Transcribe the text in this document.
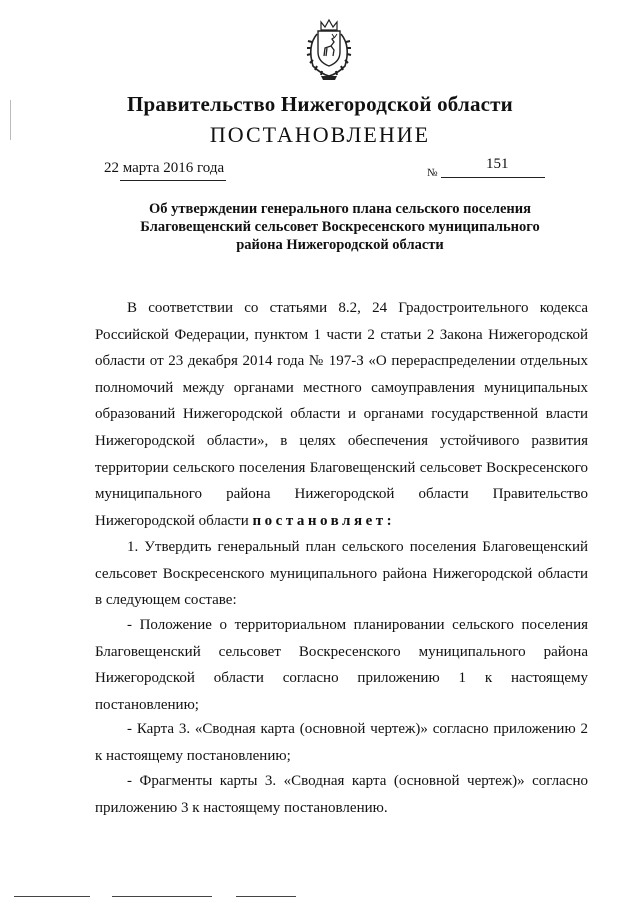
Правительство Нижегородской области
ПОСТАНОВЛЕНИЕ
22 марта 2016 года	№
151
Об утверждении генерального плана сельского поселения
Благовещенский сельсовет Воскресенского муниципального
района Нижегородской области

В соответствии со статьями 8.2, 24 Градостроительного кодекса Российской Федерации, пунктом 1 части 2 статьи 2 Закона Нижегородской области от 23 декабря 2014 года № 197-З «О перераспределении отдельных полномочий между органами местного самоуправления муниципальных образований Нижегородской области и органами государственной власти Нижегородской области», в целях обеспечения устойчивого развития территории сельского поселения Благовещенский сельсовет Воскресенского муниципального района Нижегородской области Правительство Нижегородской области постановляет:

1. Утвердить генеральный план сельского поселения Благовещенский сельсовет Воскресенского муниципального района Нижегородской области в следующем составе:

- Положение о территориальном планировании сельского поселения Благовещенский сельсовет Воскресенского муниципального района Нижегородской области согласно приложению 1 к настоящему постановлению;

- Карта 3. «Сводная карта (основной чертеж)» согласно приложению 2 к настоящему постановлению;

- Фрагменты карты 3. «Сводная карта (основной чертеж)» согласно приложению 3 к настоящему постановлению.
